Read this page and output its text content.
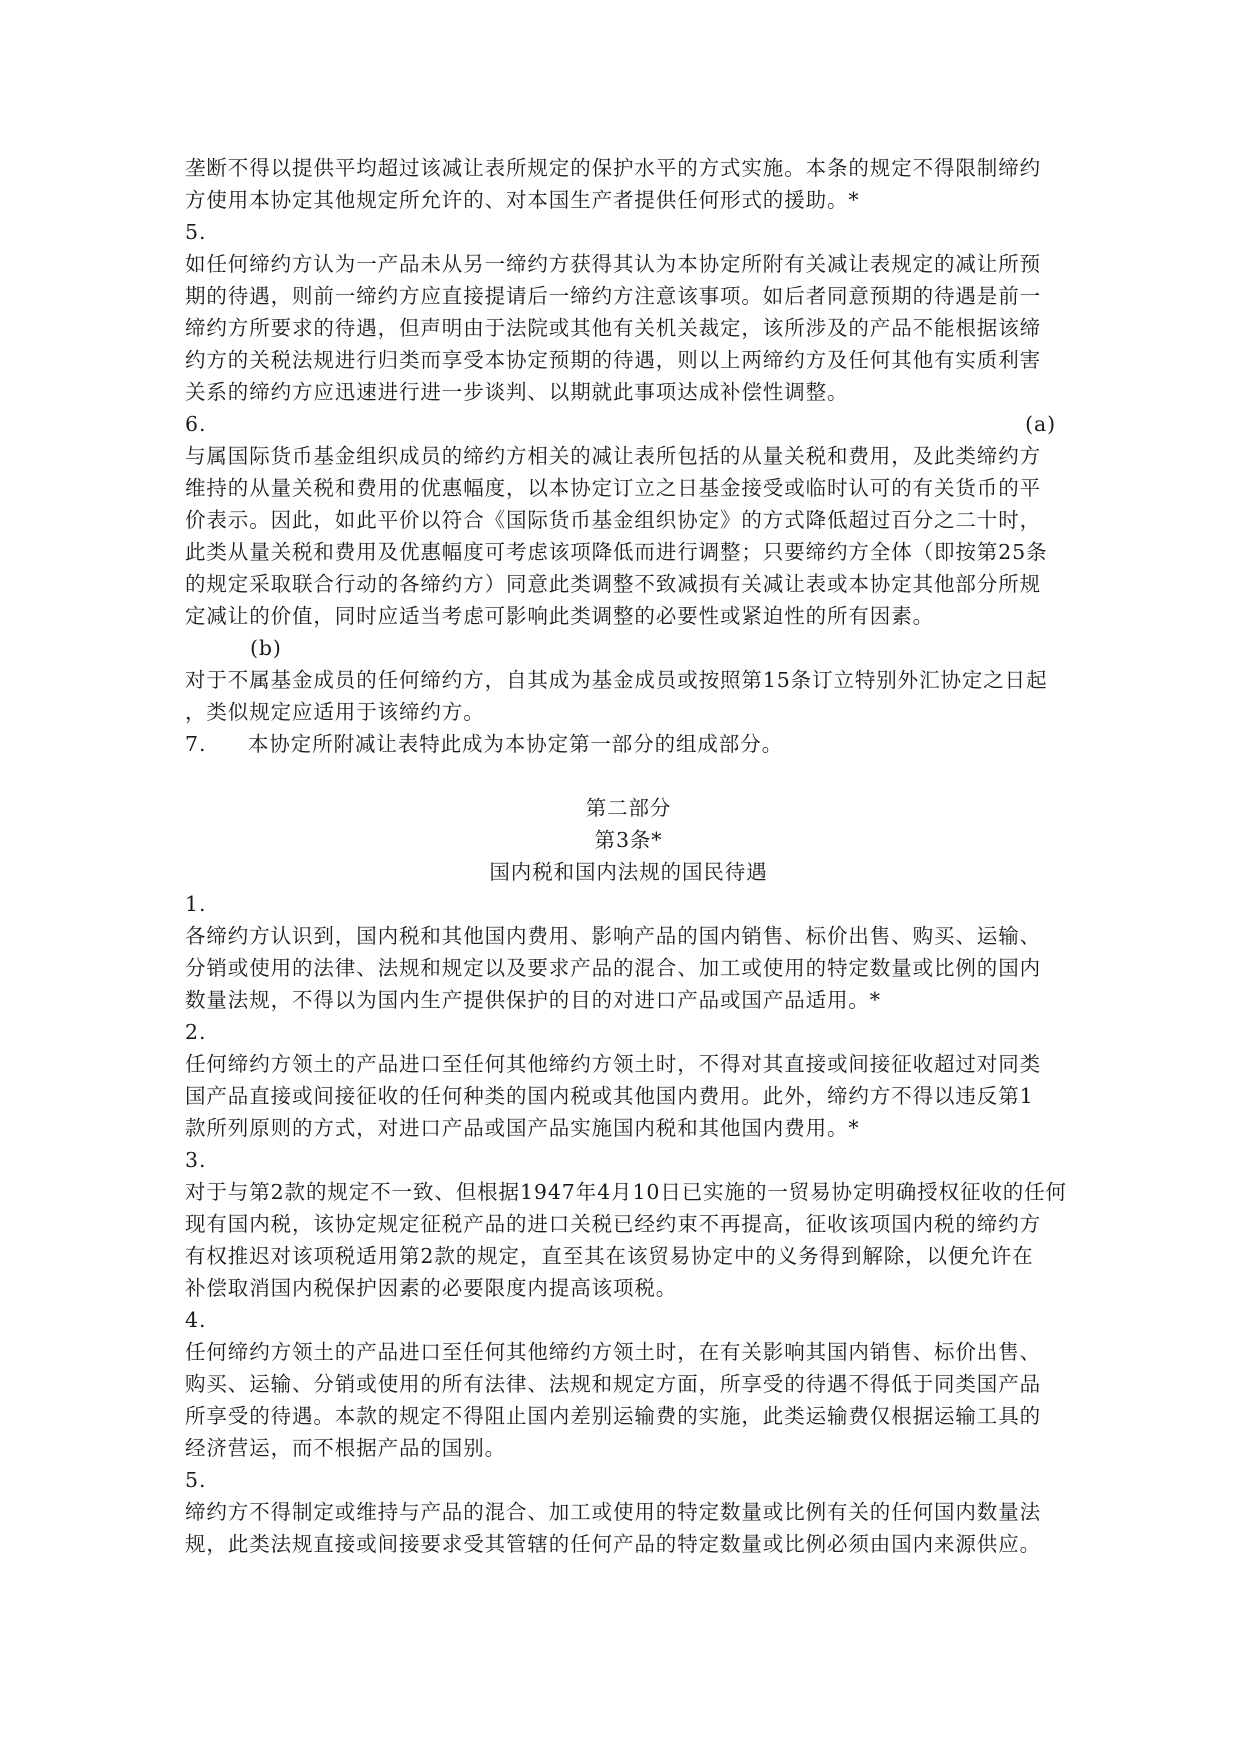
垄断不得以提供平均超过该减让表所规定的保护水平的方式实施。本条的规定不得限制缔约
方使用本协定其他规定所允许的、对本国生产者提供任何形式的援助。*
5.
如任何缔约方认为一产品未从另一缔约方获得其认为本协定所附有关减让表规定的减让所预
期的待遇，则前一缔约方应直接提请后一缔约方注意该事项。如后者同意预期的待遇是前一
缔约方所要求的待遇，但声明由于法院或其他有关机关裁定，该所涉及的产品不能根据该缔
约方的关税法规进行归类而享受本协定预期的待遇，则以上两缔约方及任何其他有实质利害
关系的缔约方应迅速进行进一步谈判、以期就此事项达成补偿性调整。
6.	(a)
与属国际货币基金组织成员的缔约方相关的减让表所包括的从量关税和费用，及此类缔约方
维持的从量关税和费用的优惠幅度，以本协定订立之日基金接受或临时认可的有关货币的平
价表示。因此，如此平价以符合《国际货币基金组织协定》的方式降低超过百分之二十时，
此类从量关税和费用及优惠幅度可考虑该项降低而进行调整；只要缔约方全体（即按第25条
的规定采取联合行动的各缔约方）同意此类调整不致减损有关减让表或本协定其他部分所规
定减让的价值，同时应适当考虑可影响此类调整的必要性或紧迫性的所有因素。
(b)
对于不属基金成员的任何缔约方，自其成为基金成员或按照第15条订立特别外汇协定之日起
，类似规定应适用于该缔约方。
7. 本协定所附减让表特此成为本协定第一部分的组成部分。
第二部分
第3条*
国内税和国内法规的国民待遇
1.
各缔约方认识到，国内税和其他国内费用、影响产品的国内销售、标价出售、购买、运输、
分销或使用的法律、法规和规定以及要求产品的混合、加工或使用的特定数量或比例的国内
数量法规，不得以为国内生产提供保护的目的对进口产品或国产品适用。*
2.
任何缔约方领土的产品进口至任何其他缔约方领土时，不得对其直接或间接征收超过对同类
国产品直接或间接征收的任何种类的国内税或其他国内费用。此外，缔约方不得以违反第1
款所列原则的方式，对进口产品或国产品实施国内税和其他国内费用。*
3.
对于与第2款的规定不一致、但根据1947年4月10日已实施的一贸易协定明确授权征收的任何
现有国内税，该协定规定征税产品的进口关税已经约束不再提高，征收该项国内税的缔约方
有权推迟对该项税适用第2款的规定，直至其在该贸易协定中的义务得到解除，以便允许在
补偿取消国内税保护因素的必要限度内提高该项税。
4.
任何缔约方领土的产品进口至任何其他缔约方领土时，在有关影响其国内销售、标价出售、
购买、运输、分销或使用的所有法律、法规和规定方面，所享受的待遇不得低于同类国产品
所享受的待遇。本款的规定不得阻止国内差别运输费的实施，此类运输费仅根据运输工具的
经济营运，而不根据产品的国别。
5.
缔约方不得制定或维持与产品的混合、加工或使用的特定数量或比例有关的任何国内数量法
规，此类法规直接或间接要求受其管辖的任何产品的特定数量或比例必须由国内来源供应。
